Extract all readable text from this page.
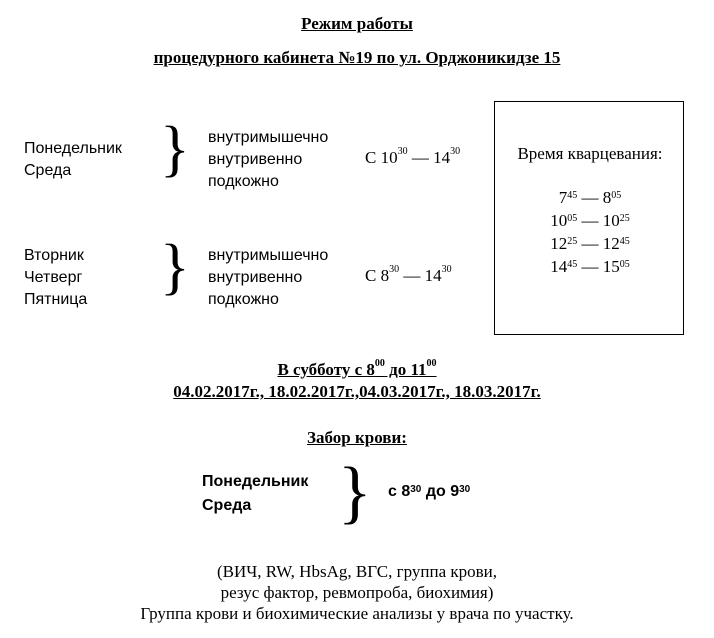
Режим работы
процедурного кабинета №19 по ул. Орджоникидзе 15
Понедельник
Среда	} внутримышечно
внутривенно
подкожно
С $10^{30}$ — $14^{30}$
Вторник
Четверг
Пятница } внутримышечно
внутривенно
подкожно
С $8^{30}$ — $14^{30}$
Время кварцевания:
$7^{45}$ — $8^{05}$
$10^{05}$ — $10^{25}$
$12^{25}$ — $12^{45}$
$14^{45}$ — $15^{05}$
В субботу с $8^{00}$ до $11^{00}$
04.02.2017г., 18.02.2017г.,04.03.2017г., 18.03.2017г.
Забор крови:
Понедельник
Среда	} с $8^{30}$ до $9^{30}$
(ВИЧ, RW, HbsAg, ВГС, группа крови,
резус фактор, ревмопроба, биохимия)
Группа крови и биохимические анализы у врача по участку.
